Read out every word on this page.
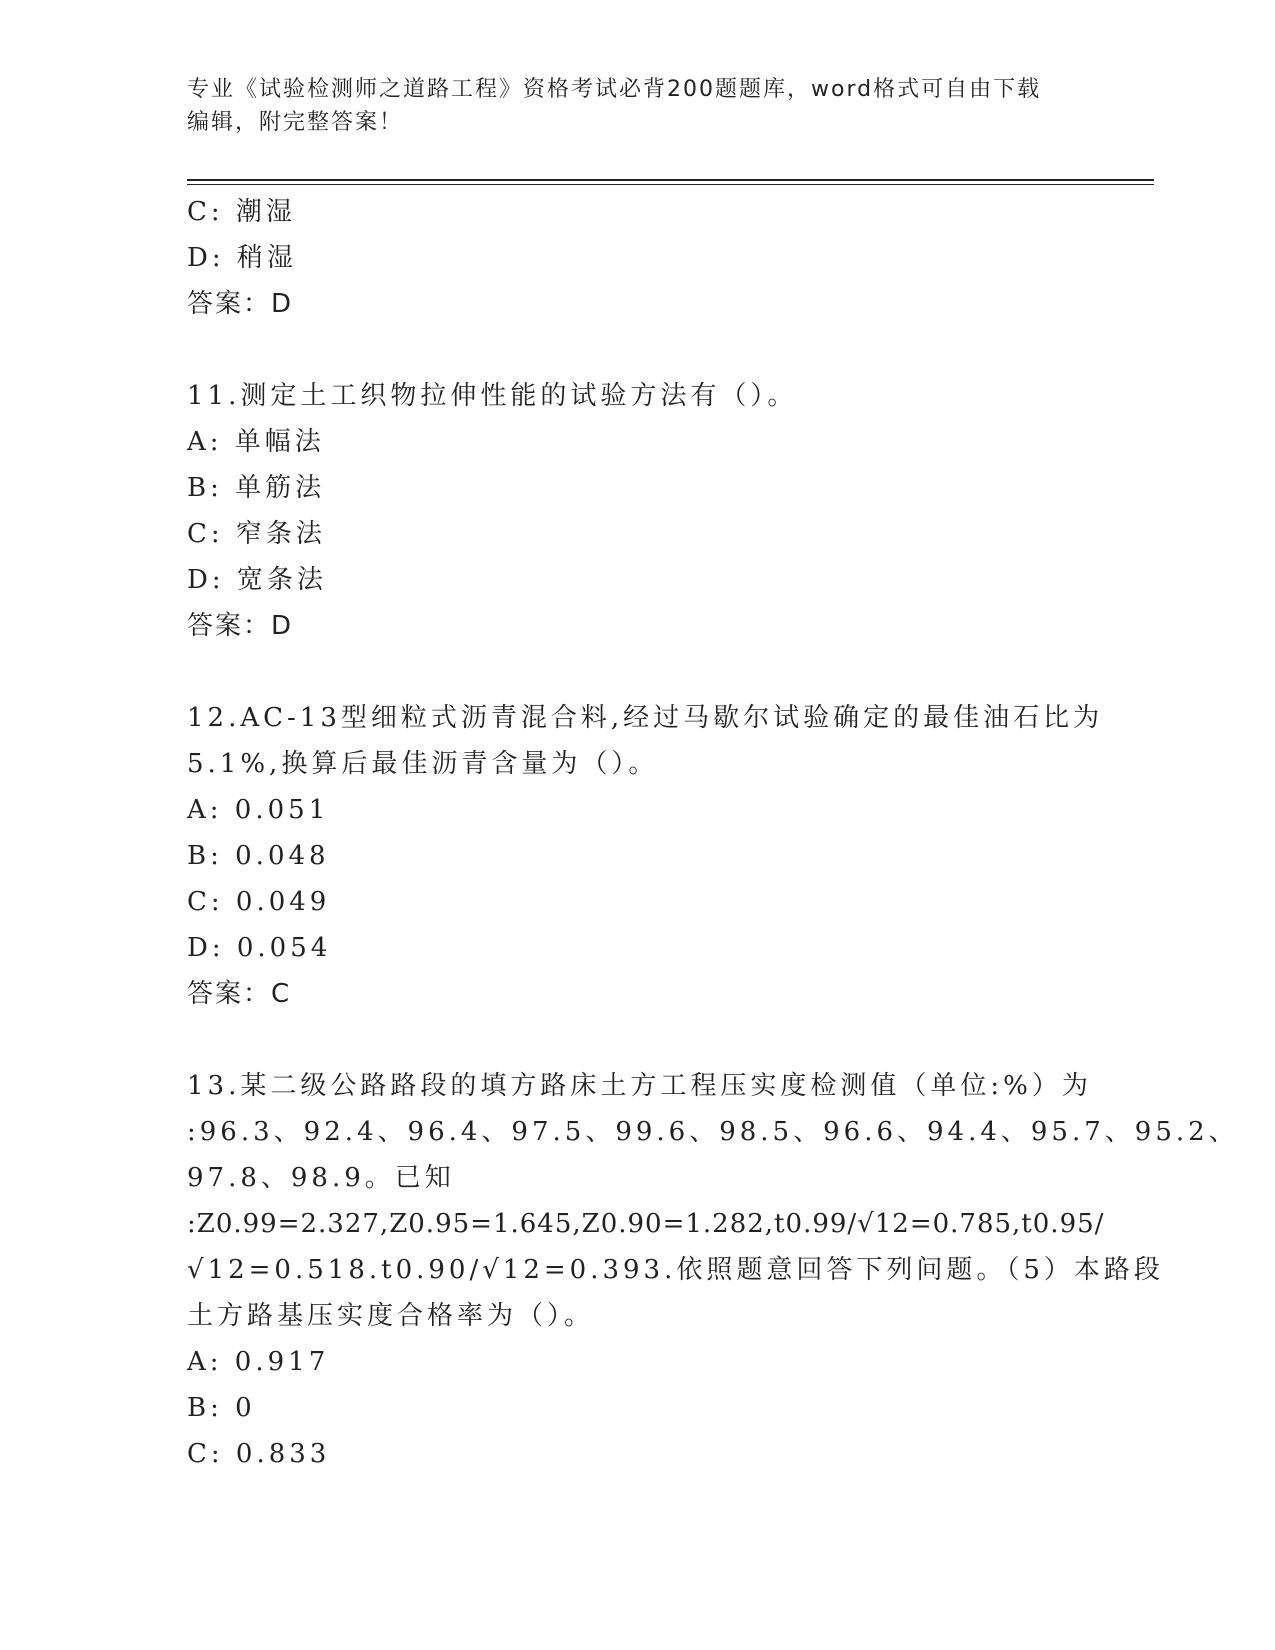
专业《试验检测师之道路工程》资格考试必背200题题库，word格式可自由下载
编辑，附完整答案！
C: 潮湿
D: 稍湿
答案：D
11.测定土工织物拉伸性能的试验方法有（）。
A: 单幅法
B: 单筋法
C: 窄条法
D: 宽条法
答案：D
12.AC-13型细粒式沥青混合料,经过马歇尔试验确定的最佳油石比为
5.1%,换算后最佳沥青含量为（）。
A: 0.051
B: 0.048
C: 0.049
D: 0.054
答案：C
13.某二级公路路段的填方路床土方工程压实度检测值（单位:%）为
:96.3、92.4、96.4、97.5、99.6、98.5、96.6、94.4、95.7、95.2、
97.8、98.9。已知
:Z0.99=2.327,Z0.95=1.645,Z0.90=1.282,t0.99/√12=0.785,t0.95/
√12=0.518.t0.90/√12=0.393.依照题意回答下列问题。（5）本路段
土方路基压实度合格率为（）。
A: 0.917
B: 0
C: 0.833
